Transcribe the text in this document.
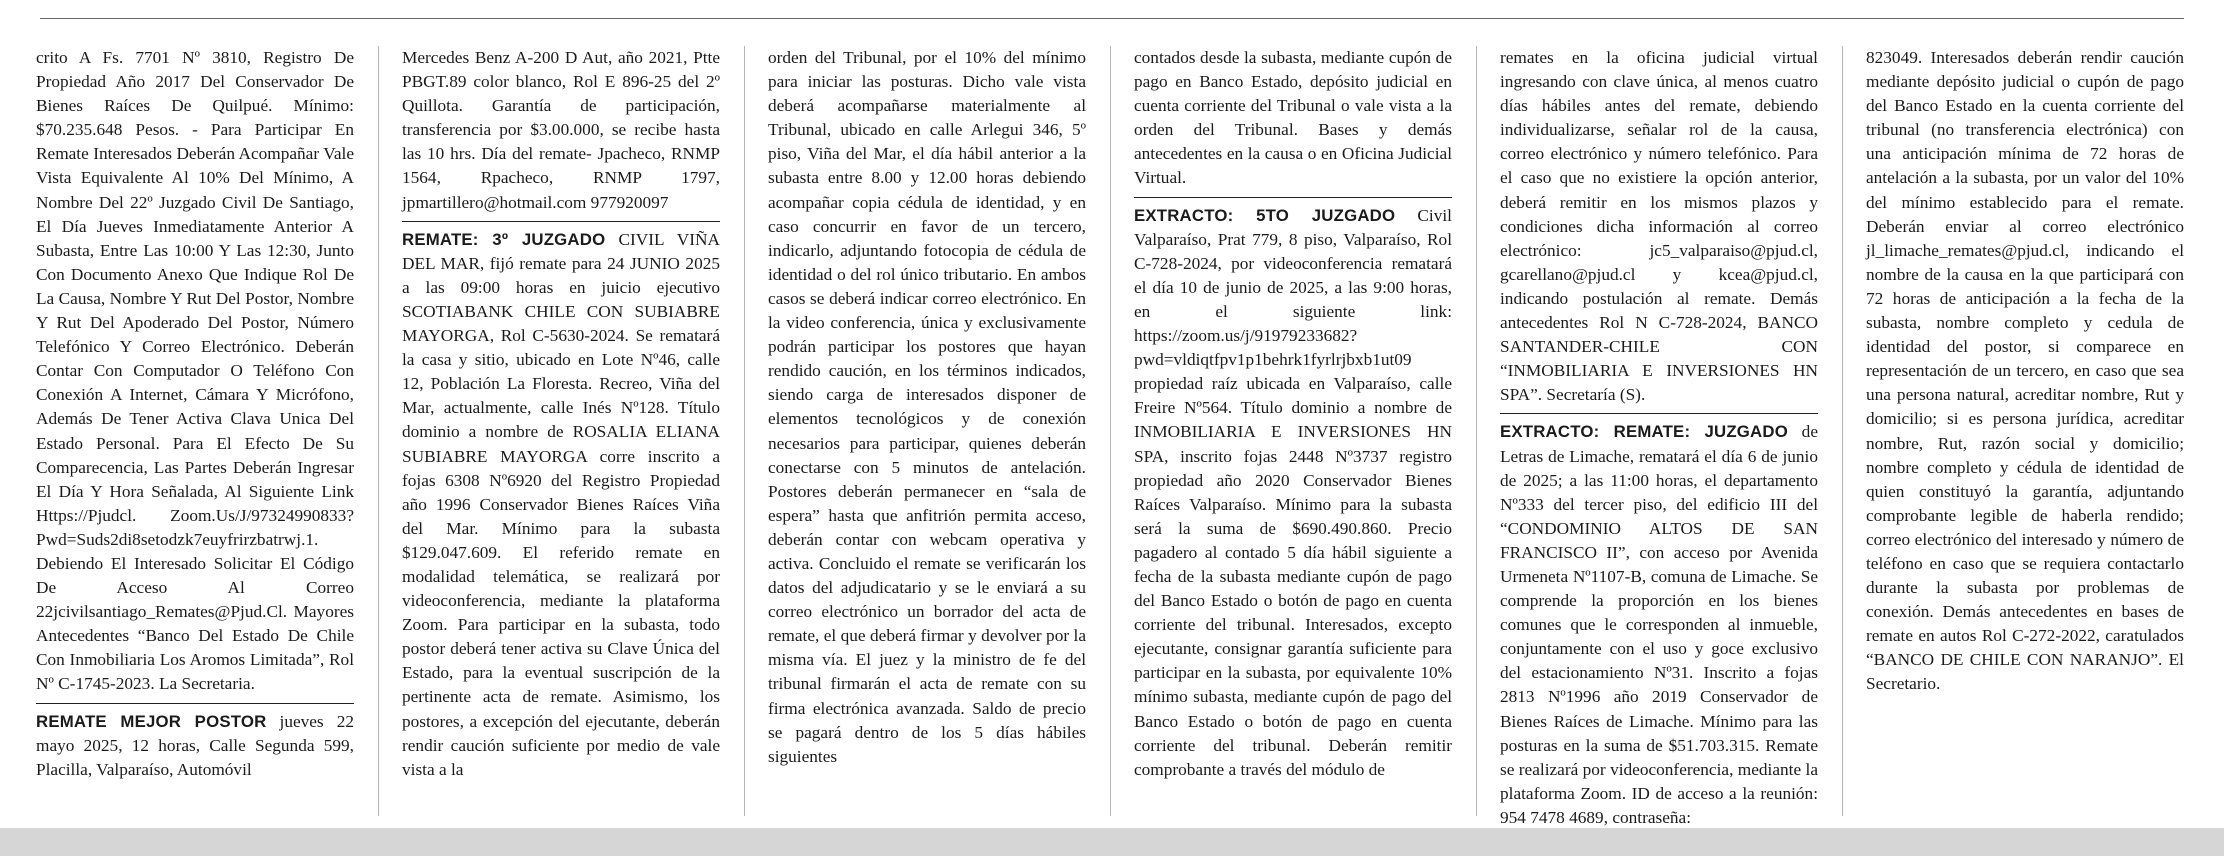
crito A Fs. 7701 Nº 3810, Registro De Propiedad Año 2017 Del Conservador De Bienes Raíces De Quilpué. Mínimo: $70.235.648 Pesos. - Para Participar En Remate Interesados Deberán Acompañar Vale Vista Equivalente Al 10% Del Mínimo, A Nombre Del 22º Juzgado Civil De Santiago, El Día Jueves Inmediatamente Anterior A Subasta, Entre Las 10:00 Y Las 12:30, Junto Con Documento Anexo Que Indique Rol De La Causa, Nombre Y Rut Del Postor, Nombre Y Rut Del Apoderado Del Postor, Número Telefónico Y Correo Electrónico. Deberán Contar Con Computador O Teléfono Con Conexión A Internet, Cámara Y Micrófono, Además De Tener Activa Clava Unica Del Estado Personal. Para El Efecto De Su Comparecencia, Las Partes Deberán Ingresar El Día Y Hora Señalada, Al Siguiente Link Https://Pjudcl. Zoom.Us/J/97324990833?Pwd=Suds2di8setodzk7euyfrirzbatrwj.1. Debiendo El Interesado Solicitar El Código De Acceso Al Correo 22jcivilsantiago_Remates@Pjud.Cl. Mayores Antecedentes “Banco Del Estado De Chile Con Inmobiliaria Los Aromos Limitada”, Rol Nº C-1745-2023. La Secretaria.
REMATE MEJOR POSTOR jueves 22 mayo 2025, 12 horas, Calle Segunda 599, Placilla, Valparaíso, Automóvil
Mercedes Benz A-200 D Aut, año 2021, Ptte PBGT.89 color blanco, Rol E 896-25 del 2º Quillota. Garantía de participación, transferencia por $3.00.000, se recibe hasta las 10 hrs. Día del remate- Jpacheco, RNMP 1564, Rpacheco, RNMP 1797, jpmartillero@hotmail.com 977920097
REMATE: 3º JUZGADO CIVIL VIÑA DEL MAR, fijó remate para 24 JUNIO 2025 a las 09:00 horas en juicio ejecutivo SCOTIABANK CHILE CON SUBIABRE MAYORGA, Rol C-5630-2024. Se rematará la casa y sitio, ubicado en Lote Nº46, calle 12, Población La Floresta. Recreo, Viña del Mar, actualmente, calle Inés Nº128. Título dominio a nombre de ROSALIA ELIANA SUBIABRE MAYORGA corre inscrito a fojas 6308 Nº6920 del Registro Propiedad año 1996 Conservador Bienes Raíces Viña del Mar. Mínimo para la subasta $129.047.609. El referido remate en modalidad telemática, se realizará por videoconferencia, mediante la plataforma Zoom. Para participar en la subasta, todo postor deberá tener activa su Clave Única del Estado, para la eventual suscripción de la pertinente acta de remate. Asimismo, los postores, a excepción del ejecutante, deberán rendir caución suficiente por medio de vale vista a la
orden del Tribunal, por el 10% del mínimo para iniciar las posturas. Dicho vale vista deberá acompañarse materialmente al Tribunal, ubicado en calle Arlegui 346, 5º piso, Viña del Mar, el día hábil anterior a la subasta entre 8.00 y 12.00 horas debiendo acompañar copia cédula de identidad, y en caso concurrir en favor de un tercero, indicarlo, adjuntando fotocopia de cédula de identidad o del rol único tributario. En ambos casos se deberá indicar correo electrónico. En la video conferencia, única y exclusivamente podrán participar los postores que hayan rendido caución, en los términos indicados, siendo carga de interesados disponer de elementos tecnológicos y de conexión necesarios para participar, quienes deberán conectarse con 5 minutos de antelación. Postores deberán permanecer en “sala de espera” hasta que anfitrión permita acceso, deberán contar con webcam operativa y activa. Concluido el remate se verificarán los datos del adjudicatario y se le enviará a su correo electrónico un borrador del acta de remate, el que deberá firmar y devolver por la misma vía. El juez y la ministro de fe del tribunal firmarán el acta de remate con su firma electrónica avanzada. Saldo de precio se pagará dentro de los 5 días hábiles siguientes
contados desde la subasta, mediante cupón de pago en Banco Estado, depósito judicial en cuenta corriente del Tribunal o vale vista a la orden del Tribunal. Bases y demás antecedentes en la causa o en Oficina Judicial Virtual.
EXTRACTO: 5TO JUZGADO Civil Valparaíso, Prat 779, 8 piso, Valparaíso, Rol C-728-2024, por videoconferencia rematará el día 10 de junio de 2025, a las 9:00 horas, en el siguiente link: https://zoom.us/j/91979233682?pwd=vldiqtfpv1p1behrk1fyrlrjbxb1ut09 propiedad raíz ubicada en Valparaíso, calle Freire Nº564. Título dominio a nombre de INMOBILIARIA E INVERSIONES HN SPA, inscrito fojas 2448 Nº3737 registro propiedad año 2020 Conservador Bienes Raíces Valparaíso. Mínimo para la subasta será la suma de $690.490.860. Precio pagadero al contado 5 día hábil siguiente a fecha de la subasta mediante cupón de pago del Banco Estado o botón de pago en cuenta corriente del tribunal. Interesados, excepto ejecutante, consignar garantía suficiente para participar en la subasta, por equivalente 10% mínimo subasta, mediante cupón de pago del Banco Estado o botón de pago en cuenta corriente del tribunal. Deberán remitir comprobante a través del módulo de
remates en la oficina judicial virtual ingresando con clave única, al menos cuatro días hábiles antes del remate, debiendo individualizarse, señalar rol de la causa, correo electrónico y número telefónico. Para el caso que no existiere la opción anterior, deberá remitir en los mismos plazos y condiciones dicha información al correo electrónico: jc5_valparaiso@pjud.cl, gcarellano@pjud.cl y kcea@pjud.cl, indicando postulación al remate. Demás antecedentes Rol N C-728-2024, BANCO SANTANDER-CHILE CON “INMOBILIARIA E INVERSIONES HN SPA”. Secretaría (S).
EXTRACTO: REMATE: JUZGADO de Letras de Limache, rematará el día 6 de junio de 2025; a las 11:00 horas, el departamento Nº333 del tercer piso, del edificio III del “CONDOMINIO ALTOS DE SAN FRANCISCO II”, con acceso por Avenida Urmeneta Nº1107-B, comuna de Limache. Se comprende la proporción en los bienes comunes que le corresponden al inmueble, conjuntamente con el uso y goce exclusivo del estacionamiento Nº31. Inscrito a fojas 2813 Nº1996 año 2019 Conservador de Bienes Raíces de Limache. Mínimo para las posturas en la suma de $51.703.315. Remate se realizará por videoconferencia, mediante la plataforma Zoom. ID de acceso a la reunión: 954 7478 4689, contraseña:
823049. Interesados deberán rendir caución mediante depósito judicial o cupón de pago del Banco Estado en la cuenta corriente del tribunal (no transferencia electrónica) con una anticipación mínima de 72 horas de antelación a la subasta, por un valor del 10% del mínimo establecido para el remate. Deberán enviar al correo electrónico jl_limache_remates@pjud.cl, indicando el nombre de la causa en la que participará con 72 horas de anticipación a la fecha de la subasta, nombre completo y cedula de identidad del postor, si comparece en representación de un tercero, en caso que sea una persona natural, acreditar nombre, Rut y domicilio; si es persona jurídica, acreditar nombre, Rut, razón social y domicilio; nombre completo y cédula de identidad de quien constituyó la garantía, adjuntando comprobante legible de haberla rendido; correo electrónico del interesado y número de teléfono en caso que se requiera contactarlo durante la subasta por problemas de conexión. Demás antecedentes en bases de remate en autos Rol C-272-2022, caratulados “BANCO DE CHILE CON NARANJO”. El Secretario.
